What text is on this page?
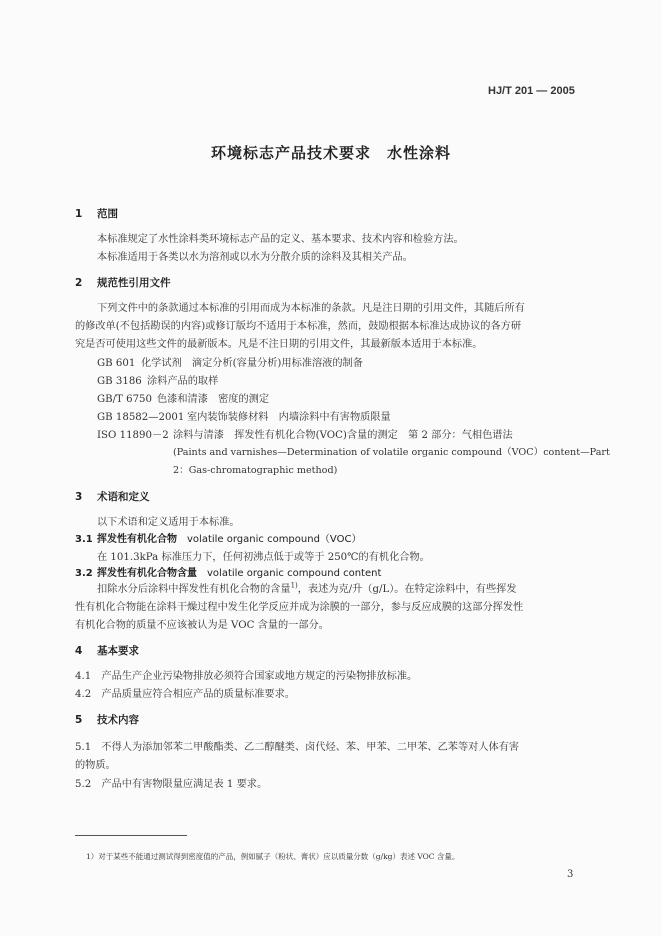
HJ/T 201 — 2005
环境标志产品技术要求　水性涂料
1 范围
本标准规定了水性涂料类环境标志产品的定义、基本要求、技术内容和检验方法。
本标准适用于各类以水为溶剂或以水为分散介质的涂料及其相关产品。
2 规范性引用文件
下列文件中的条款通过本标准的引用而成为本标准的条款。凡是注日期的引用文件，其随后所有
的修改单(不包括勘误的内容)或修订版均不适用于本标准，然而，鼓励根据本标准达成协议的各方研
究是否可使用这些文件的最新版本。凡是不注日期的引用文件，其最新版本适用于本标准。
GB 601 化学试剂　滴定分析(容量分析)用标准溶液的制备
GB 3186 涂料产品的取样
GB/T 6750 色漆和清漆　密度的测定
GB 18582—2001 室内装饰装修材料　内墙涂料中有害物质限量
ISO 11890－2 涂料与清漆　挥发性有机化合物(VOC)含量的测定　第 2 部分：气相色谱法
(Paints and varnishes—Determination of volatile organic compound（VOC）content—Part
2：Gas-chromatographic method)
3 术语和定义
以下术语和定义适用于本标准。
3.1 挥发性有机化合物 volatile organic compound（VOC）
在 101.3kPa 标准压力下，任何初沸点低于或等于 250℃的有机化合物。
3.2 挥发性有机化合物含量 volatile organic compound content
扣除水分后涂料中挥发性有机化合物的含量$^{1)}$，表述为克/升（g/L）。在特定涂料中，有些挥发
性有机化合物能在涂料干燥过程中发生化学反应并成为涂膜的一部分，参与反应成膜的这部分挥发性
有机化合物的质量不应该被认为是 VOC 含量的一部分。
4 基本要求
4.1　产品生产企业污染物排放必须符合国家或地方规定的污染物排放标准。
4.2　产品质量应符合相应产品的质量标准要求。
5 技术内容
5.1　不得人为添加邻苯二甲酸酯类、乙二醇醚类、卤代烃、苯、甲苯、二甲苯、乙苯等对人体有害
的物质。
5.2　产品中有害物限量应满足表 1 要求。
1）对于某些不能通过测试得到密度值的产品，例如腻子（粉状、膏状）应以质量分数（g/kg）表述 VOC 含量。
3
